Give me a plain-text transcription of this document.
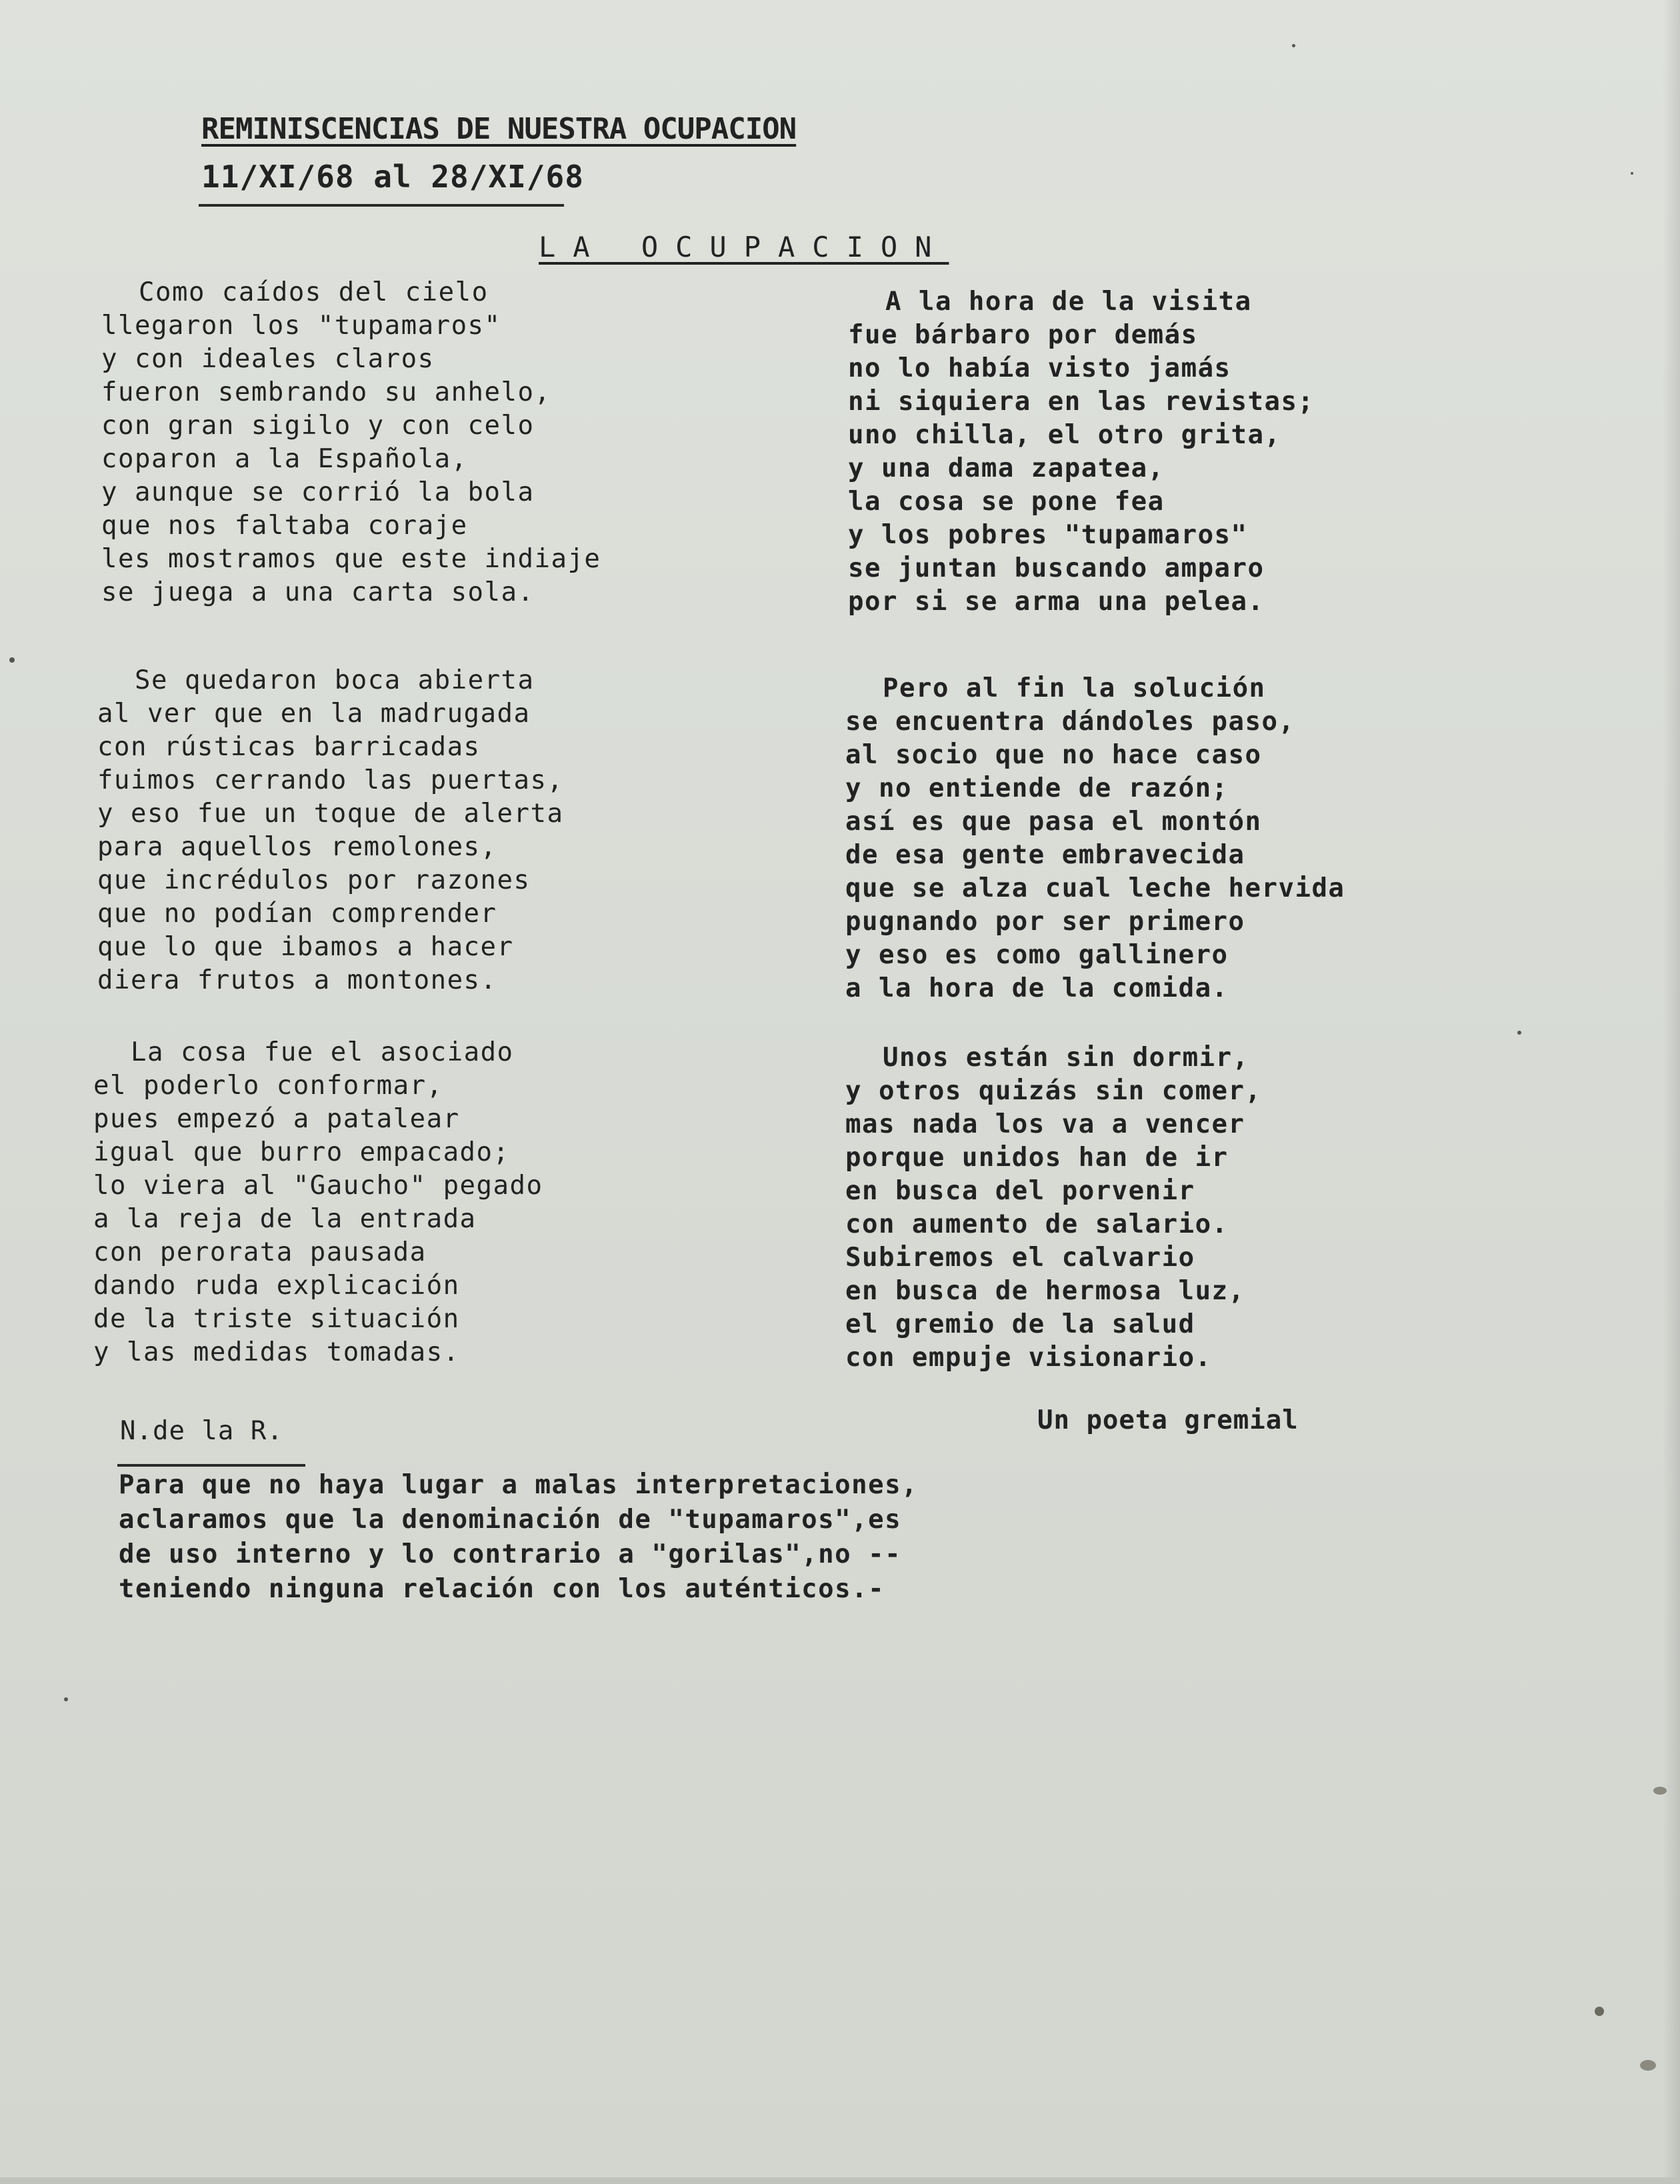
REMINISCENCIAS DE NUESTRA OCUPACION
11/XI/68 al 28/XI/68
LA OCUPACION
Como caídos del cielo
llegaron los "tupamaros"
y con ideales claros
fueron sembrando su anhelo,
con gran sigilo y con celo
coparon a la Española,
y aunque se corrió la bola
que nos faltaba coraje
les mostramos que este indiaje
se juega a una carta sola.
Se quedaron boca abierta
al ver que en la madrugada
con rústicas barricadas
fuimos cerrando las puertas,
y eso fue un toque de alerta
para aquellos remolones,
que incrédulos por razones
que no podían comprender
que lo que ibamos a hacer
diera frutos a montones.
La cosa fue el asociado
el poderlo conformar,
pues empezó a patalear
igual que burro empacado;
lo viera al "Gaucho" pegado
a la reja de la entrada
con perorata pausada
dando ruda explicación
de la triste situación
y las medidas tomadas.
A la hora de la visita
fue bárbaro por demás
no lo había visto jamás
ni siquiera en las revistas;
uno chilla, el otro grita,
y una dama zapatea,
la cosa se pone fea
y los pobres "tupamaros"
se juntan buscando amparo
por si se arma una pelea.
Pero al fin la solución
se encuentra dándoles paso,
al socio que no hace caso
y no entiende de razón;
así es que pasa el montón
de esa gente embravecida
que se alza cual leche hervida
pugnando por ser primero
y eso es como gallinero
a la hora de la comida.
Unos están sin dormir,
y otros quizás sin comer,
mas nada los va a vencer
porque unidos han de ir
en busca del porvenir
con aumento de salario.
Subiremos el calvario
en busca de hermosa luz,
el gremio de la salud
con empuje visionario.
Un poeta gremial
N.de la R.
Para que no haya lugar a malas interpretaciones,
aclaramos que la denominación de "tupamaros",es
de uso interno y lo contrario a "gorilas",no --
teniendo ninguna relación con los auténticos.-
